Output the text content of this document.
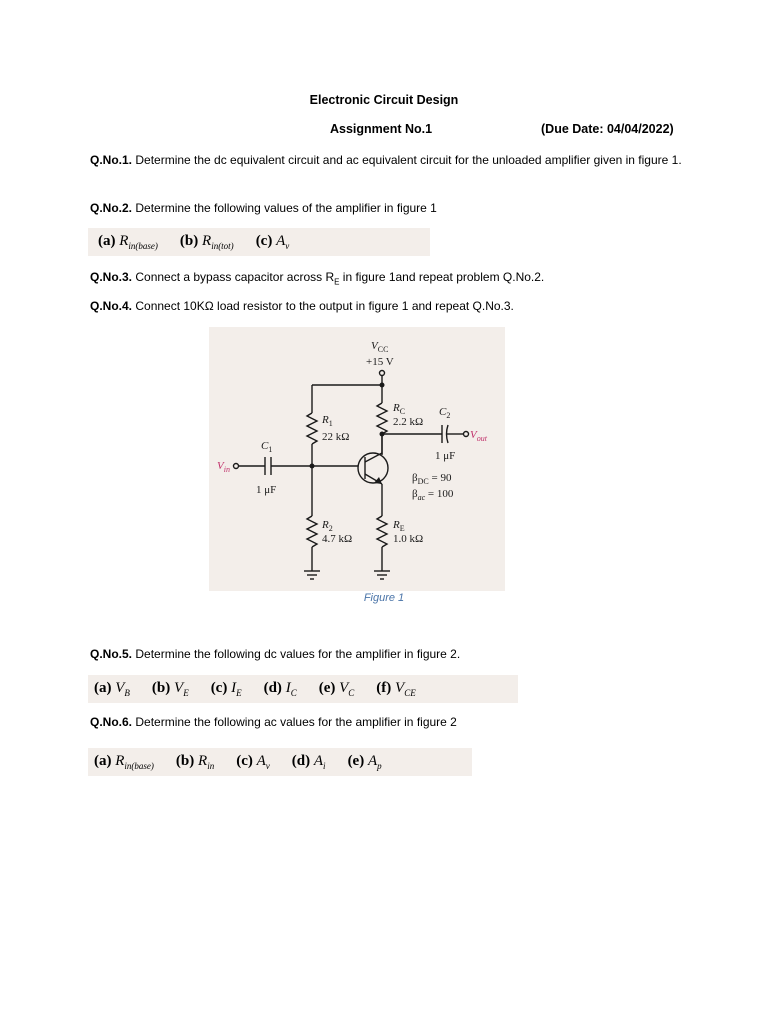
Electronic Circuit Design
Assignment No.1	(Due Date: 04/04/2022)
Q.No.1. Determine the dc equivalent circuit and ac equivalent circuit for the unloaded amplifier given in figure 1.
Q.No.2. Determine the following values of the amplifier in figure 1
(a) $R_{in(base)}$ (b) $R_{in(tot)}$ (c) $A_v$
Q.No.3. Connect a bypass capacitor across $R_E$ in figure 1and repeat problem Q.No.2.
Q.No.4. Connect 10KΩ load resistor to the output in figure 1 and repeat Q.No.3.
$V_{CC}$
+15 V
$R_1$
22 kΩ
$R_C$
2.2 kΩ
$C_2$
1 μF
$V_{out}$
$C_1$
1 μF
$V_{in}$
$\beta_{DC} = 90$
$\beta_{ac} = 100$
$R_2$
4.7 kΩ
$R_E$
1.0 kΩ
Figure 1
Q.No.5. Determine the following dc values for the amplifier in figure 2.
(a) $V_B$ (b) $V_E$ (c) $I_E$ (d) $I_C$ (e) $V_C$ (f) $V_{CE}$
Q.No.6. Determine the following ac values for the amplifier in figure 2
(a) $R_{in(base)}$ (b) $R_{in}$ (c) $A_v$ (d) $A_i$ (e) $A_p$
